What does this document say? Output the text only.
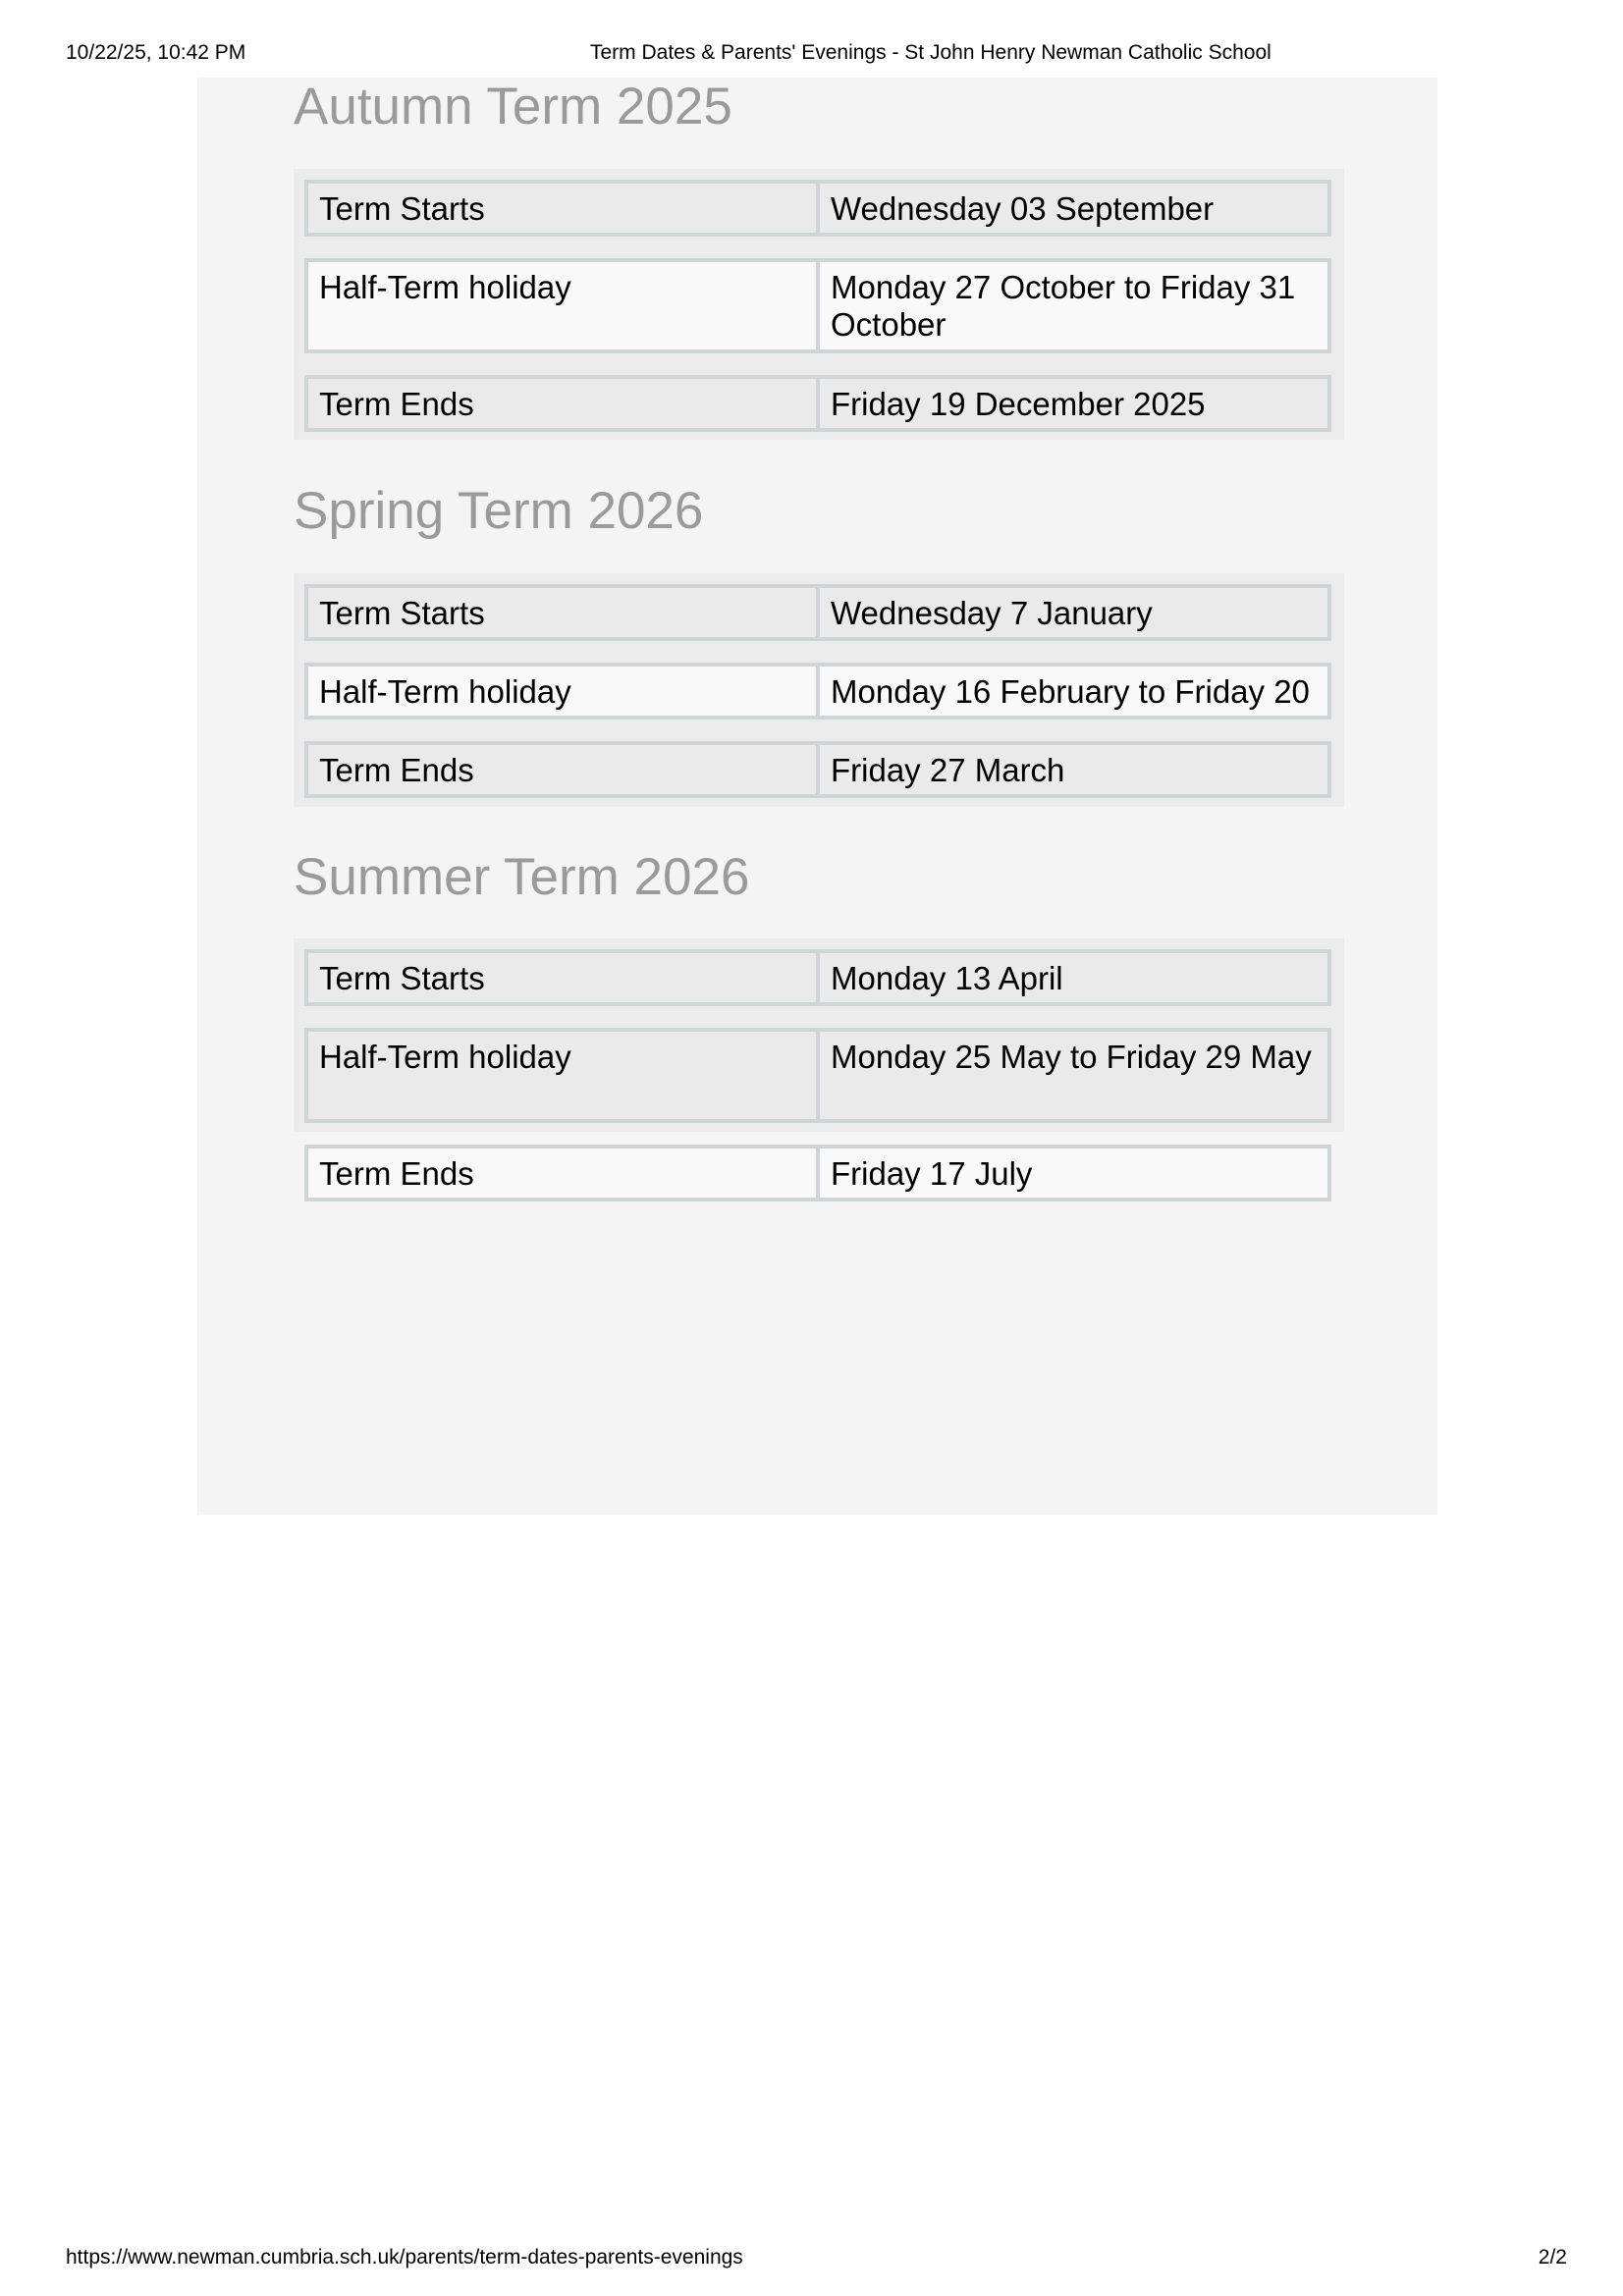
10/22/25, 10:42 PM	Term Dates & Parents' Evenings - St John Henry Newman Catholic School
Autumn Term 2025
Term Starts	Wednesday 03 September
Half-Term holiday	Monday 27 October to Friday 31 October
Term Ends	Friday 19 December 2025
Spring Term 2026
Term Starts	Wednesday 7 January
Half-Term holiday	Monday 16 February to Friday 20
Term Ends	Friday 27 March
Summer Term 2026
Term Starts	Monday 13 April
Half-Term holiday	Monday 25 May to Friday 29 May
Term Ends	Friday 17 July
https://www.newman.cumbria.sch.uk/parents/term-dates-parents-evenings	2/2
